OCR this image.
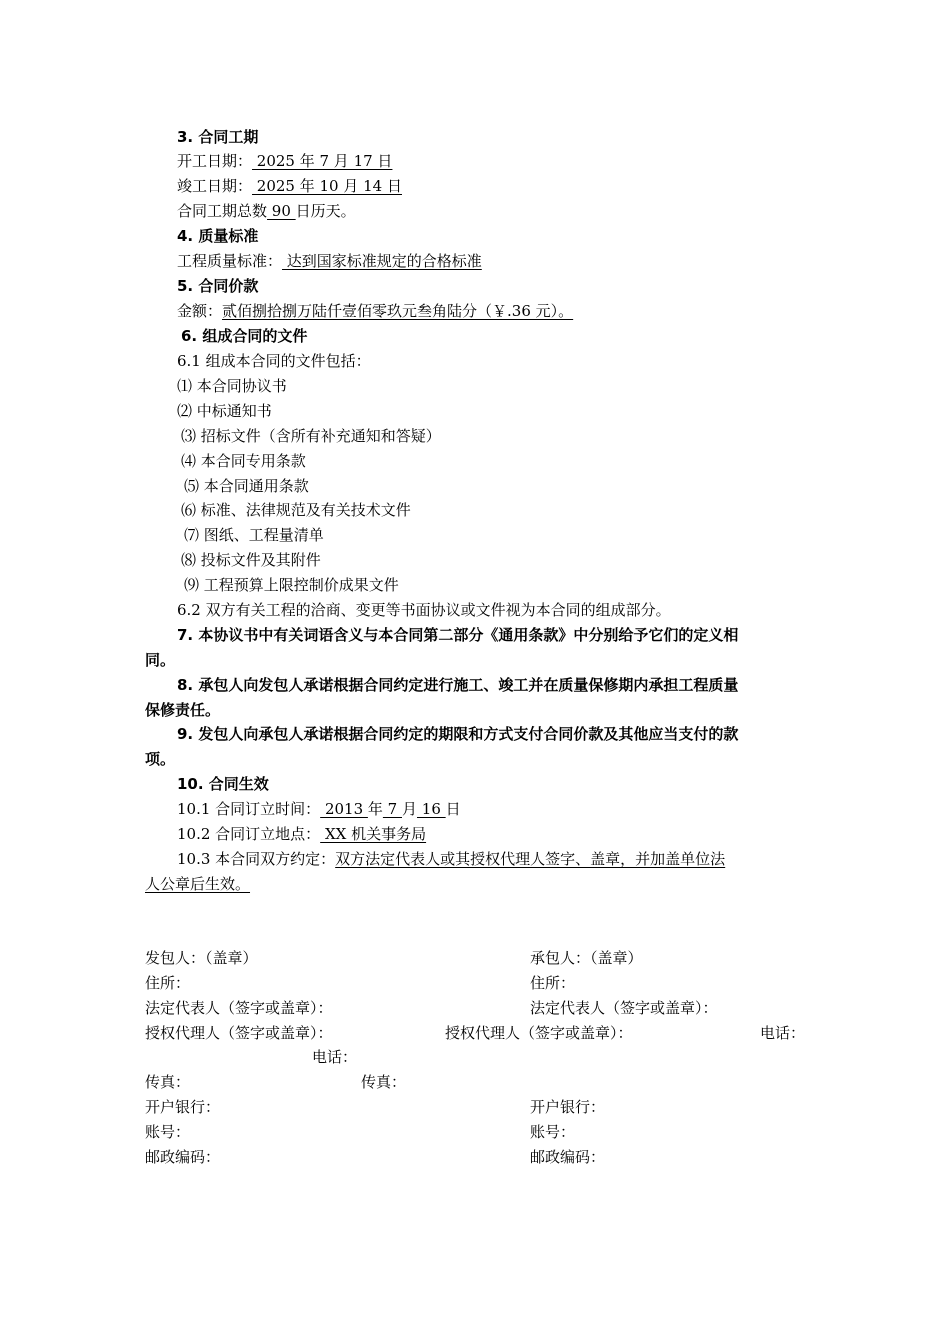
3. 合同工期
开工日期： 2025 年 7 月 17 日
竣工日期： 2025 年 10 月 14 日
合同工期总数 90 日历天。
4. 质量标准
工程质量标准： 达到国家标准规定的合格标准
5. 合同价款
金额：贰佰捌拾捌万陆仟壹佰零玖元叁角陆分（￥.36 元）。
6. 组成合同的文件
6.1 组成本合同的文件包括：
⑴ 本合同协议书
⑵ 中标通知书
⑶ 招标文件（含所有补充通知和答疑）
⑷ 本合同专用条款
⑸ 本合同通用条款
⑹ 标准、法律规范及有关技术文件
⑺ 图纸、工程量清单
⑻ 投标文件及其附件
⑼ 工程预算上限控制价成果文件
6.2 双方有关工程的洽商、变更等书面协议或文件视为本合同的组成部分。
7. 本协议书中有关词语含义与本合同第二部分《通用条款》中分别给予它们的定义相
同。
8. 承包人向发包人承诺根据合同约定进行施工、竣工并在质量保修期内承担工程质量
保修责任。
9. 发包人向承包人承诺根据合同约定的期限和方式支付合同价款及其他应当支付的款
项。
10. 合同生效
10.1 合同订立时间： 2013 年 7 月 16 日
10.2 合同订立地点： XX 机关事务局
10.3 本合同双方约定：双方法定代表人或其授权代理人签字、盖章，并加盖单位法
人公章后生效。
发包人：（盖章）	承包人：（盖章）
住所：	住所：
法定代表人（签字或盖章）：	法定代表人（签字或盖章）：
授权代理人（签字或盖章）：	授权代理人（签字或盖章）：	电话：
电话：
传真：	传真：
开户银行：	开户银行：
账号：	账号：
邮政编码：	邮政编码：
